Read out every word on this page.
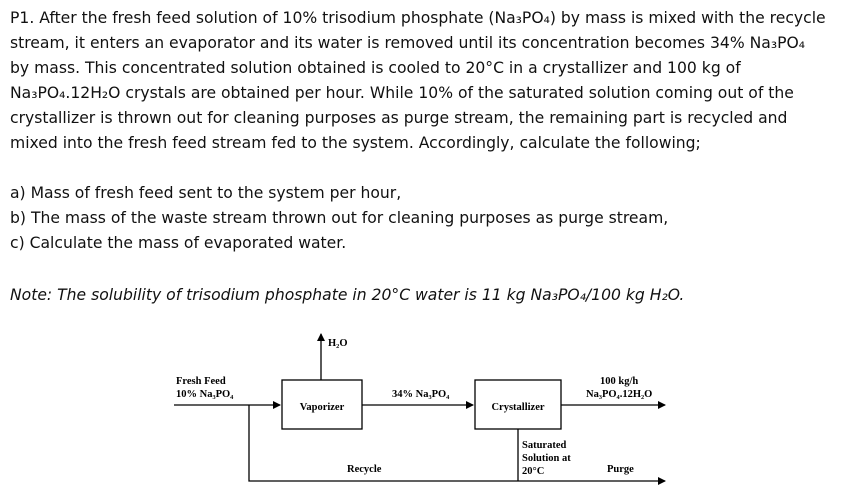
P1. After the fresh feed solution of 10% trisodium phosphate (Na₃PO₄) by mass is mixed with the recycle

stream, it enters an evaporator and its water is removed until its concentration becomes 34% Na₃PO₄

by mass. This concentrated solution obtained is cooled to 20°C in a crystallizer and 100 kg of

Na₃PO₄.12H₂O crystals are obtained per hour. While 10% of the saturated solution coming out of the

crystallizer is thrown out for cleaning purposes as purge stream, the remaining part is recycled and

mixed into the fresh feed stream fed to the system. Accordingly, calculate the following;

a) Mass of fresh feed sent to the system per hour,
b) The mass of the waste stream thrown out for cleaning purposes as purge stream,
c) Calculate the mass of evaporated water.
Note: The solubility of trisodium phosphate in 20°C water is 11 kg Na₃PO₄/100 kg H₂O.
H₂O
Fresh Feed
10% Na₃PO₄
Vaporizer
34% Na₃PO₄
Crystallizer
100 kg/h
Na₃PO₄.12H₂O
Saturated
Solution at
20°C	Purge
Recycle
